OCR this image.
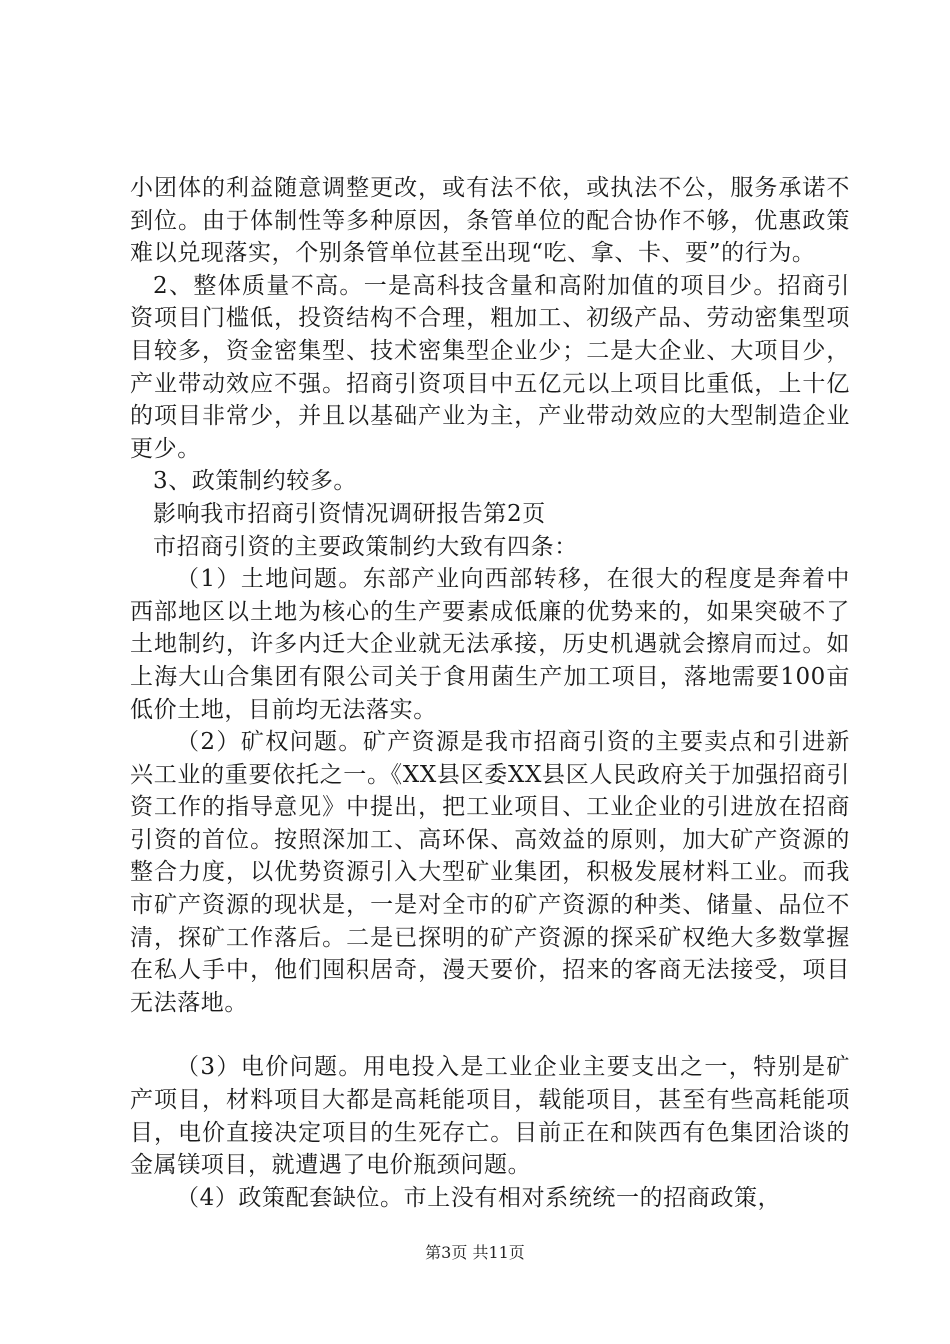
小团体的利益随意调整更改，或有法不依，或执法不公，服务承诺不到位。由于体制性等多种原因，条管单位的配合协作不够，优惠政策难以兑现落实，个别条管单位甚至出现“吃、拿、卡、要”的行为。

2、整体质量不高。一是高科技含量和高附加值的项目少。招商引资项目门槛低，投资结构不合理，粗加工、初级产品、劳动密集型项目较多，资金密集型、技术密集型企业少；二是大企业、大项目少，产业带动效应不强。招商引资项目中五亿元以上项目比重低，上十亿的项目非常少，并且以基础产业为主，产业带动效应的大型制造企业更少。

3、政策制约较多。

影响我市招商引资情况调研报告第2页

市招商引资的主要政策制约大致有四条：

（1）土地问题。东部产业向西部转移，在很大的程度是奔着中西部地区以土地为核心的生产要素成低廉的优势来的，如果突破不了土地制约，许多内迁大企业就无法承接，历史机遇就会擦肩而过。如上海大山合集团有限公司关于食用菌生产加工项目，落地需要100亩低价土地，目前均无法落实。

（2）矿权问题。矿产资源是我市招商引资的主要卖点和引进新兴工业的重要依托之一。《XX县区委XX县区人民政府关于加强招商引资工作的指导意见》中提出，把工业项目、工业企业的引进放在招商引资的首位。按照深加工、高环保、高效益的原则，加大矿产资源的整合力度，以优势资源引入大型矿业集团，积极发展材料工业。而我市矿产资源的现状是，一是对全市的矿产资源的种类、储量、品位不清，探矿工作落后。二是已探明的矿产资源的探采矿权绝大多数掌握在私人手中，他们囤积居奇，漫天要价，招来的客商无法接受，项目无法落地。

（3）电价问题。用电投入是工业企业主要支出之一，特别是矿产项目，材料项目大都是高耗能项目，载能项目，甚至有些高耗能项目，电价直接决定项目的生死存亡。目前正在和陕西有色集团洽谈的金属镁项目，就遭遇了电价瓶颈问题。

（4）政策配套缺位。市上没有相对系统统一的招商政策，

第3页 共11页
